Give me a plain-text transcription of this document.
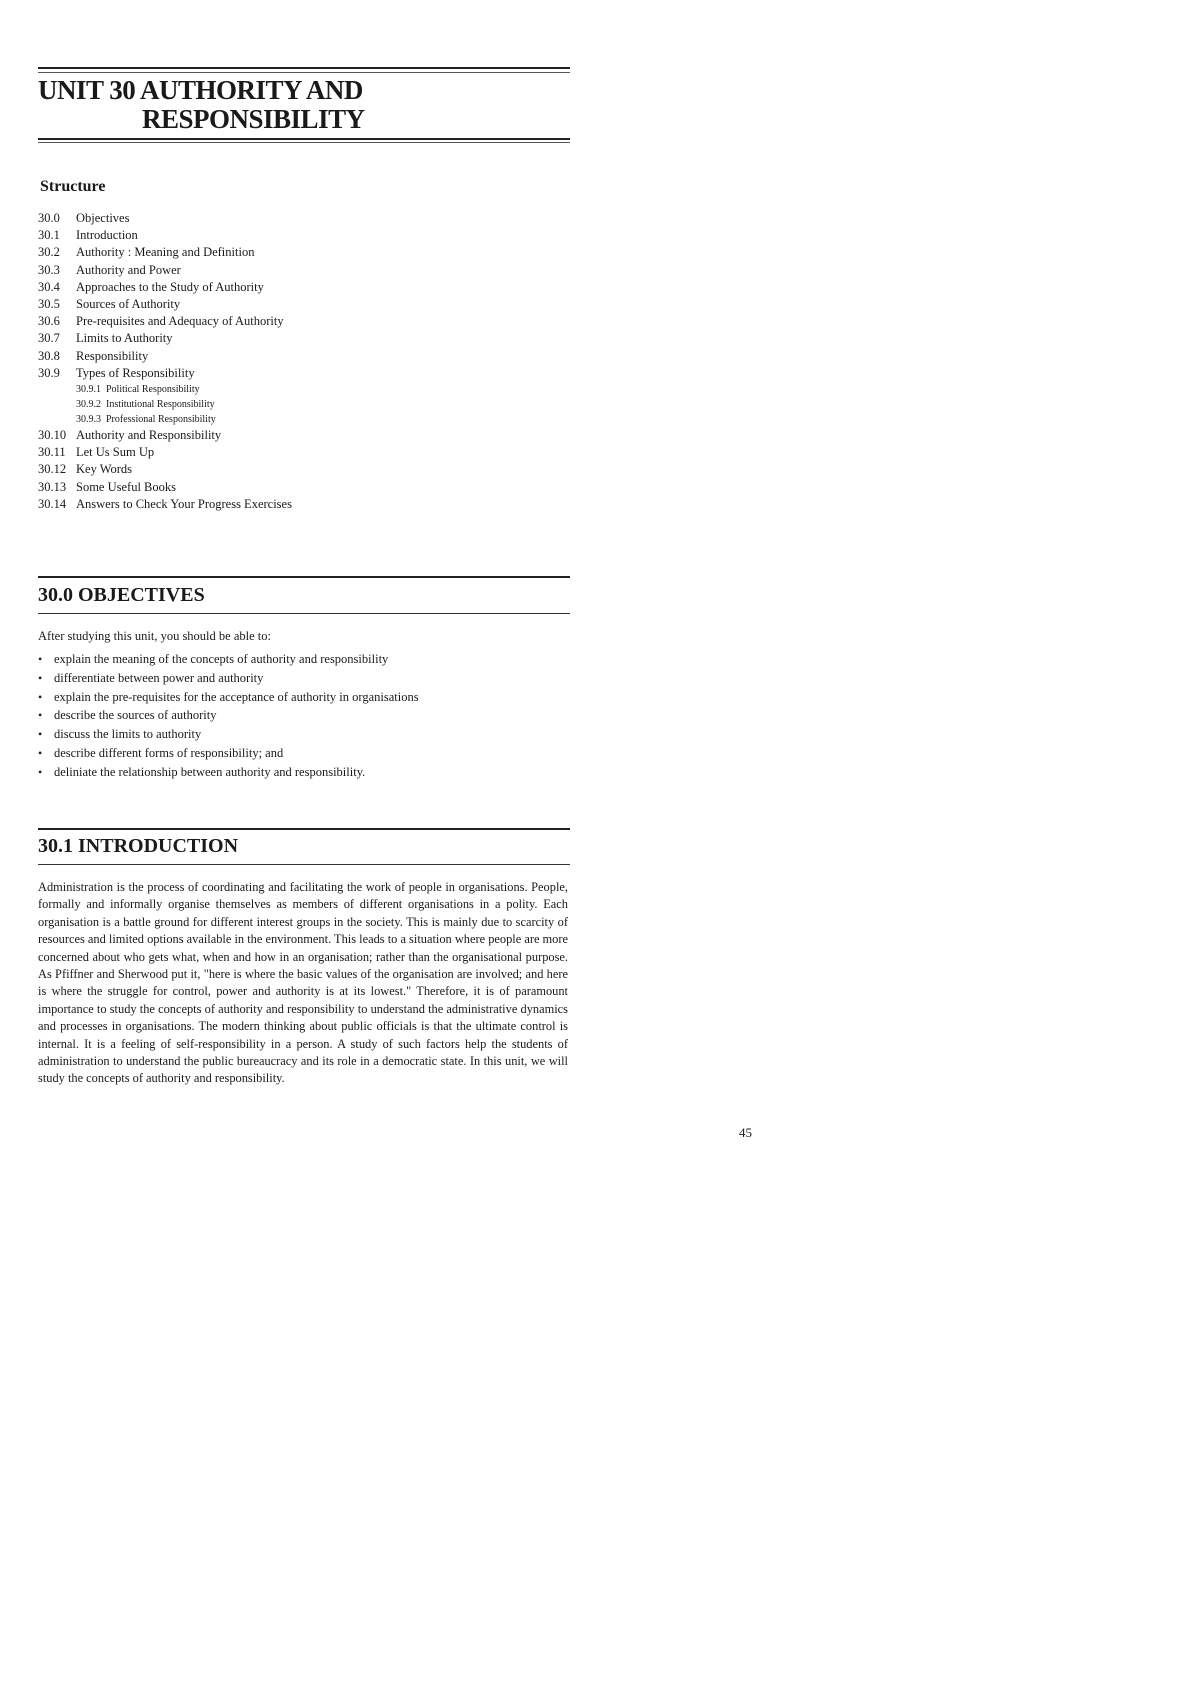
UNIT 30 AUTHORITY AND
RESPONSIBILITY
Structure
30.0	Objectives
30.1	Introduction
30.2	Authority : Meaning and Definition
30.3	Authority and Power
30.4	Approaches to the Study of Authority
30.5	Sources of Authority
30.6	Pre-requisites and Adequacy of Authority
30.7	Limits to Authority
30.8	Responsibility
30.9	Types of Responsibility
30.9.1 Political Responsibility
30.9.2 Institutional Responsibility
30.9.3 Professional Responsibility
30.10 Authority and Responsibility
30.11 Let Us Sum Up
30.12 Key Words
30.13 Some Useful Books
30.14 Answers to Check Your Progress Exercises
30.0 OBJECTIVES
After studying this unit, you should be able to:
• explain the meaning of the concepts of authority and responsibility
• differentiate between power and authority
• explain the pre-requisites for the acceptance of authority in organisations
• describe the sources of authority
• discuss the limits to authority
• describe different forms of responsibility; and
• deliniate the relationship between authority and responsibility.
30.1 INTRODUCTION

Administration is the process of coordinating and facilitating the work of people in organisations. People, formally and informally organise themselves as members of different organisations in a polity. Each organisation is a battle ground for different interest groups in the society. This is mainly due to scarcity of resources and limited options available in the environment. This leads to a situation where people are more concerned about who gets what, when and how in an organisation; rather than the organisational purpose. As Pfiffner and Sherwood put it, "here is where the basic values of the organisation are involved; and here is where the struggle for control, power and authority is at its lowest." Therefore, it is of paramount importance to study the concepts of authority and responsibility to understand the administrative dynamics and processes in organisations. The modern thinking about public officials is that the ultimate control is internal. It is a feeling of self-responsibility in a person. A study of such factors help the students of administration to understand the public bureaucracy and its role in a democratic state. In this unit, we will study the concepts of authority and responsibility.

45
